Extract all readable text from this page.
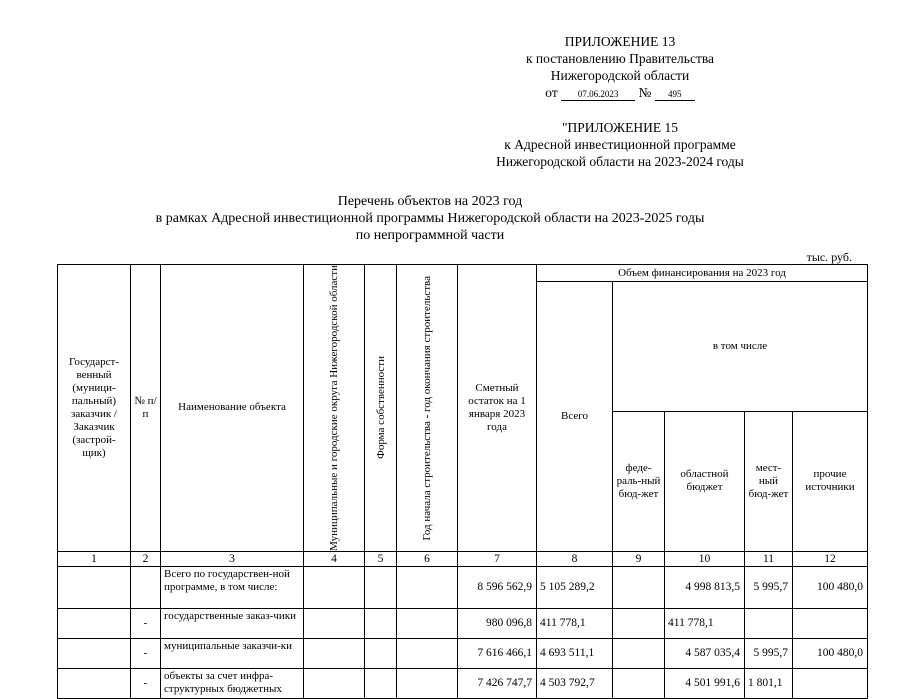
ПРИЛОЖЕНИЕ 13
к постановлению Правительства
Нижегородской области
от 07.06.2023 № 495
"ПРИЛОЖЕНИЕ 15
к Адресной инвестиционной программе
Нижегородской области на 2023-2024 годы
Перечень объектов на 2023 год
в рамках Адресной инвестиционной программы Нижегородской области на 2023-2025 годы
по непрограммной части
тыс. руб.
Государст-венный (муници-пальный) заказчик / Заказчик (застрой-щик)	№ п/п	Наименование объекта	Муниципальные и городские округа Нижегородской области	Форма собственности	Год начала строительства - год окончания строительства	Сметный остаток на 1 января 2023 года	Объем финансирования на 2023 год				
							Всего	в том числе			
								феде-раль-ный бюд-жет	областной бюджет	мест-ный бюд-жет	прочие источники
1	2	3	4	5	6	7	8	9	10	11	12
		Всего по государствен-ной программе, в том числе:				8 596 562,9	5 105 289,2		4 998 813,5	5 995,7	100 480,0
	-	государственные заказ-чики				980 096,8	411 778,1		411 778,1		
	-	муниципальные заказчи-ки				7 616 466,1	4 693 511,1		4 587 035,4	5 995,7	100 480,0
	-	объекты за счет инфра-структурных бюджетных				7 426 747,7	4 503 792,7		4 501 991,6	1 801,1	
